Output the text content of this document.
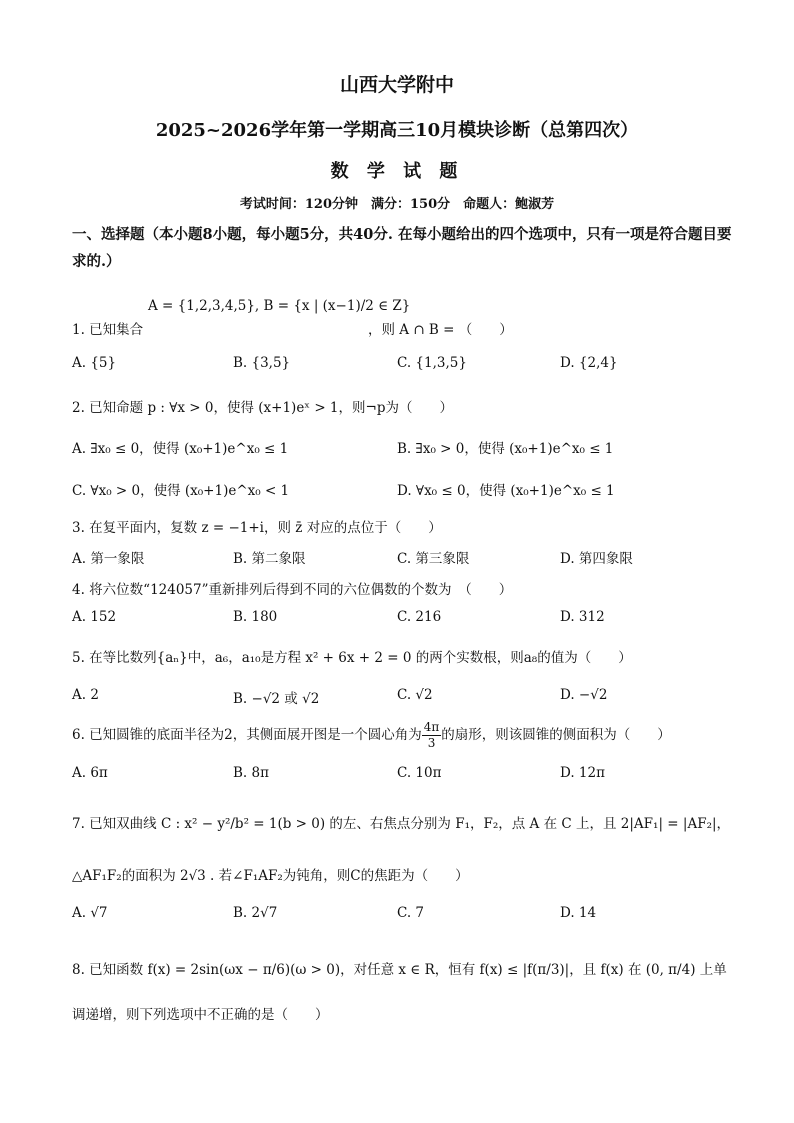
山西大学附中
2025~2026学年第一学期高三10月模块诊断（总第四次）
数 学 试 题
考试时间：120分钟　满分：150分　命题人：鲍淑芳
一、选择题（本小题8小题，每小题5分，共40分. 在每小题给出的四个选项中，只有一项是符合题目要求的.）
A = {1,2,3,4,5}, B = {x | (x−1)/2 ∈ Z}
1. 已知集合	，则 A ∩ B = （　　）
A. {5}	B. {3,5}	C. {1,3,5}	D. {2,4}
2. 已知命题 p : ∀x > 0，使得 (x+1)eˣ > 1，则¬p为（　　）
A. ∃x₀ ≤ 0，使得 (x₀+1)e^x₀ ≤ 1	B. ∃x₀ > 0，使得 (x₀+1)e^x₀ ≤ 1
C. ∀x₀ > 0，使得 (x₀+1)e^x₀ < 1	D. ∀x₀ ≤ 0，使得 (x₀+1)e^x₀ ≤ 1
3. 在复平面内，复数 z = −1+i，则 z̄ 对应的点位于（　　）
A. 第一象限	B. 第二象限	C. 第三象限	D. 第四象限
4. 将六位数“124057”重新排列后得到不同的六位偶数的个数为　（　　）
A. 152	B. 180	C. 216	D. 312
5. 在等比数列{aₙ}中，a₆，a₁₀是方程 x² + 6x + 2 = 0 的两个实数根，则a₈的值为（　　）
A. 2	B. −√2 或 √2	C. √2	D. −√2
6. 已知圆锥的底面半径为2，其侧面展开图是一个圆心角为 $\frac{4\pi}{3}$ 的扇形，则该圆锥的侧面积为（　　）
A. 6π	B. 8π	C. 10π	D. 12π
7. 已知双曲线 C : x² − y²/b² = 1(b > 0) 的左、右焦点分别为 F₁，F₂，点 A 在 C 上，且 2|AF₁| = |AF₂|，
△AF₁F₂的面积为 2√3 . 若∠F₁AF₂为钝角，则C的焦距为（　　）
A. √7	B. 2√7	C. 7	D. 14
8. 已知函数 f(x) = 2sin(ωx − π/6)(ω > 0)，对任意 x ∈ R，恒有 f(x) ≤ |f(π/3)|，且 f(x) 在 (0, π/4) 上单
调递增，则下列选项中不正确的是（　　）
